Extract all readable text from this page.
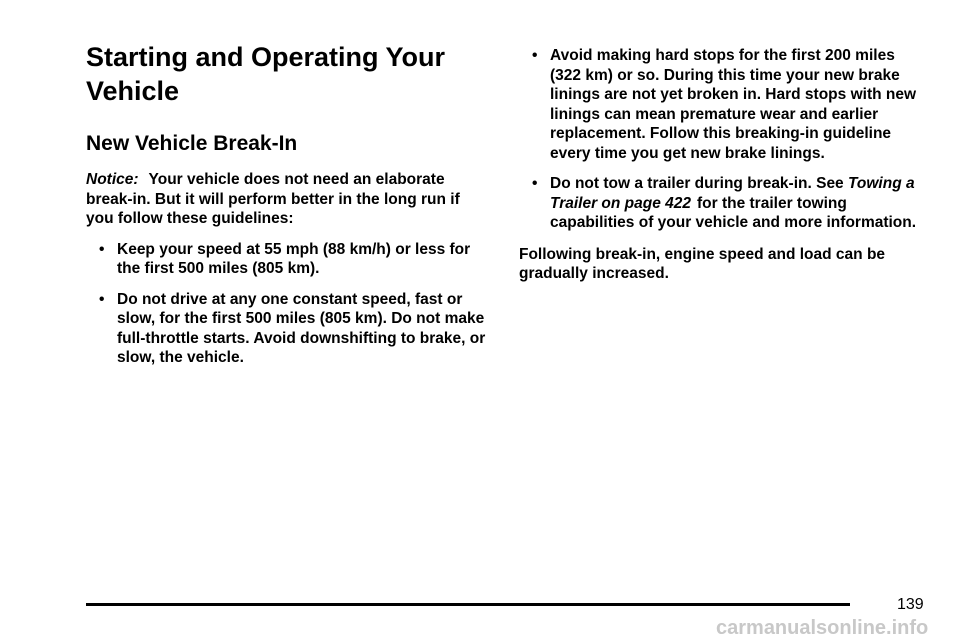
Starting and Operating Your Vehicle
New Vehicle Break-In

Notice: Your vehicle does not need an elaborate break-in. But it will perform better in the long run if you follow these guidelines:

• Keep your speed at 55 mph (88 km/h) or less for the first 500 miles (805 km).
• Do not drive at any one constant speed, fast or slow, for the first 500 miles (805 km). Do not make full-throttle starts. Avoid downshifting to brake, or slow, the vehicle.
• Avoid making hard stops for the first 200 miles (322 km) or so. During this time your new brake linings are not yet broken in. Hard stops with new linings can mean premature wear and earlier replacement. Follow this breaking-in guideline every time you get new brake linings.
• Do not tow a trailer during break-in. See Towing a Trailer on page 422 for the trailer towing capabilities of your vehicle and more information.

Following break-in, engine speed and load can be gradually increased.

139
carmanualsonline.info
